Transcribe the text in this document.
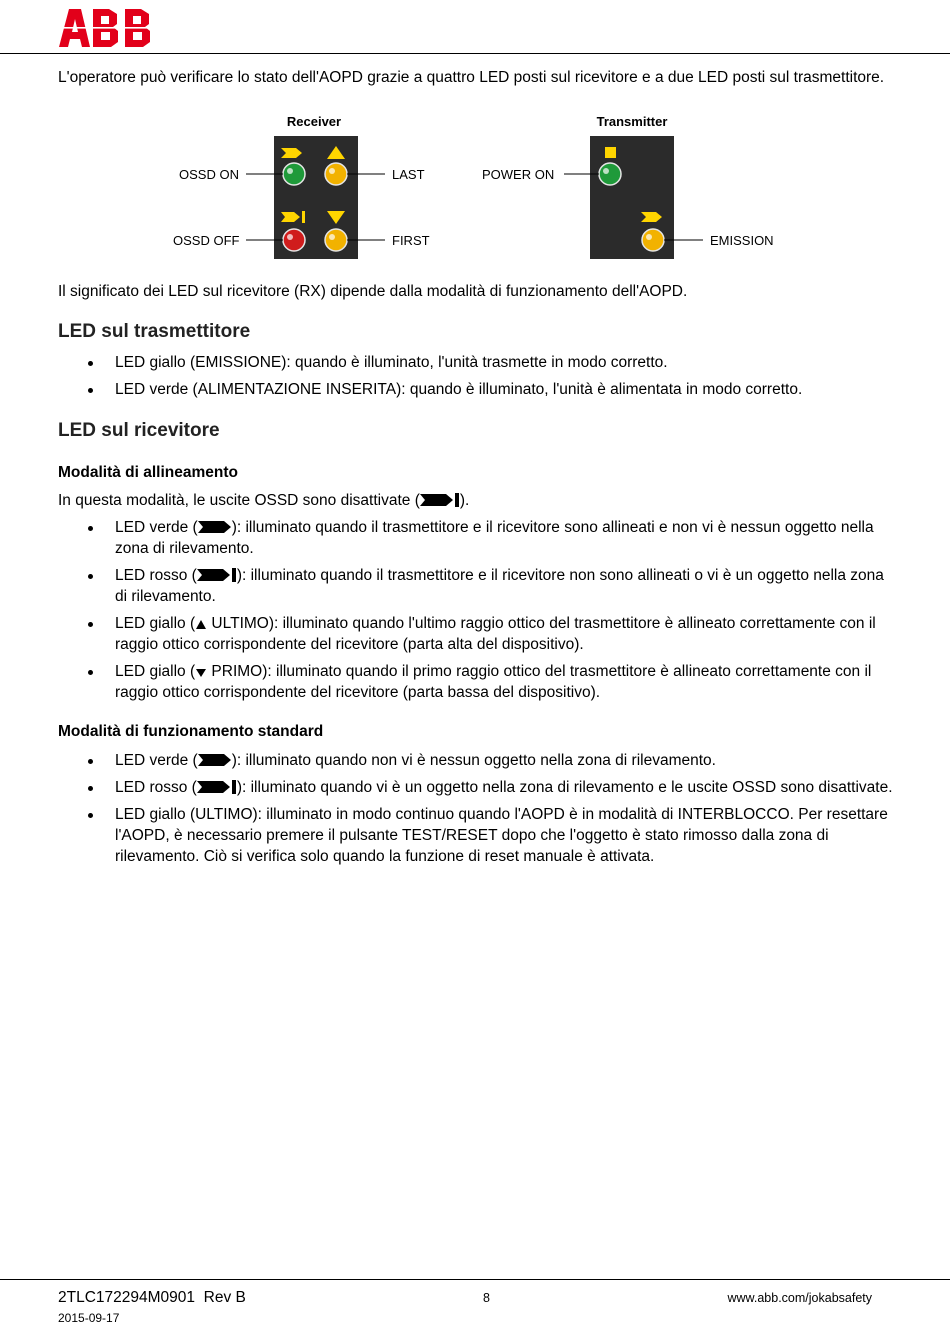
L'operatore può verificare lo stato dell'AOPD grazie a quattro LED posti sul ricevitore e a due LED posti sul trasmettitore.
Receiver
OSSD ON
OSSD OFF
LAST
FIRST
Transmitter
POWER ON
EMISSION
Il significato dei LED sul ricevitore (RX) dipende dalla modalità di funzionamento dell'AOPD.
LED sul trasmettitore
LED giallo (EMISSIONE): quando è illuminato, l'unità trasmette in modo corretto.
LED verde (ALIMENTAZIONE INSERITA): quando è illuminato, l'unità è alimentata in modo corretto.
LED sul ricevitore
Modalità di allineamento
In questa modalità, le uscite OSSD sono disattivate (	).
LED verde ( ): illuminato quando il trasmettitore e il ricevitore sono allineati e non vi è nessun oggetto nella zona di rilevamento.
LED rosso (	): illuminato quando il trasmettitore e il ricevitore non sono allineati o vi è un oggetto nella zona di rilevamento.
LED giallo ( ULTIMO): illuminato quando l'ultimo raggio ottico del trasmettitore è allineato correttamente con il raggio ottico corrispondente del ricevitore (parta alta del dispositivo).
LED giallo ( PRIMO): illuminato quando il primo raggio ottico del trasmettitore è allineato correttamente con il raggio ottico corrispondente del ricevitore (parta bassa del dispositivo).
Modalità di funzionamento standard
LED verde ( ): illuminato quando non vi è nessun oggetto nella zona di rilevamento.
LED rosso (	): illuminato quando vi è un oggetto nella zona di rilevamento e le uscite OSSD sono disattivate.
LED giallo (ULTIMO): illuminato in modo continuo quando l'AOPD è in modalità di INTERBLOCCO. Per resettare l'AOPD, è necessario premere il pulsante TEST/RESET dopo che l'oggetto è stato rimosso dalla zona di rilevamento. Ciò si verifica solo quando la funzione di reset manuale è attivata.
2TLC172294M0901  Rev B
2015-09-17
8	www.abb.com/jokabsafety
